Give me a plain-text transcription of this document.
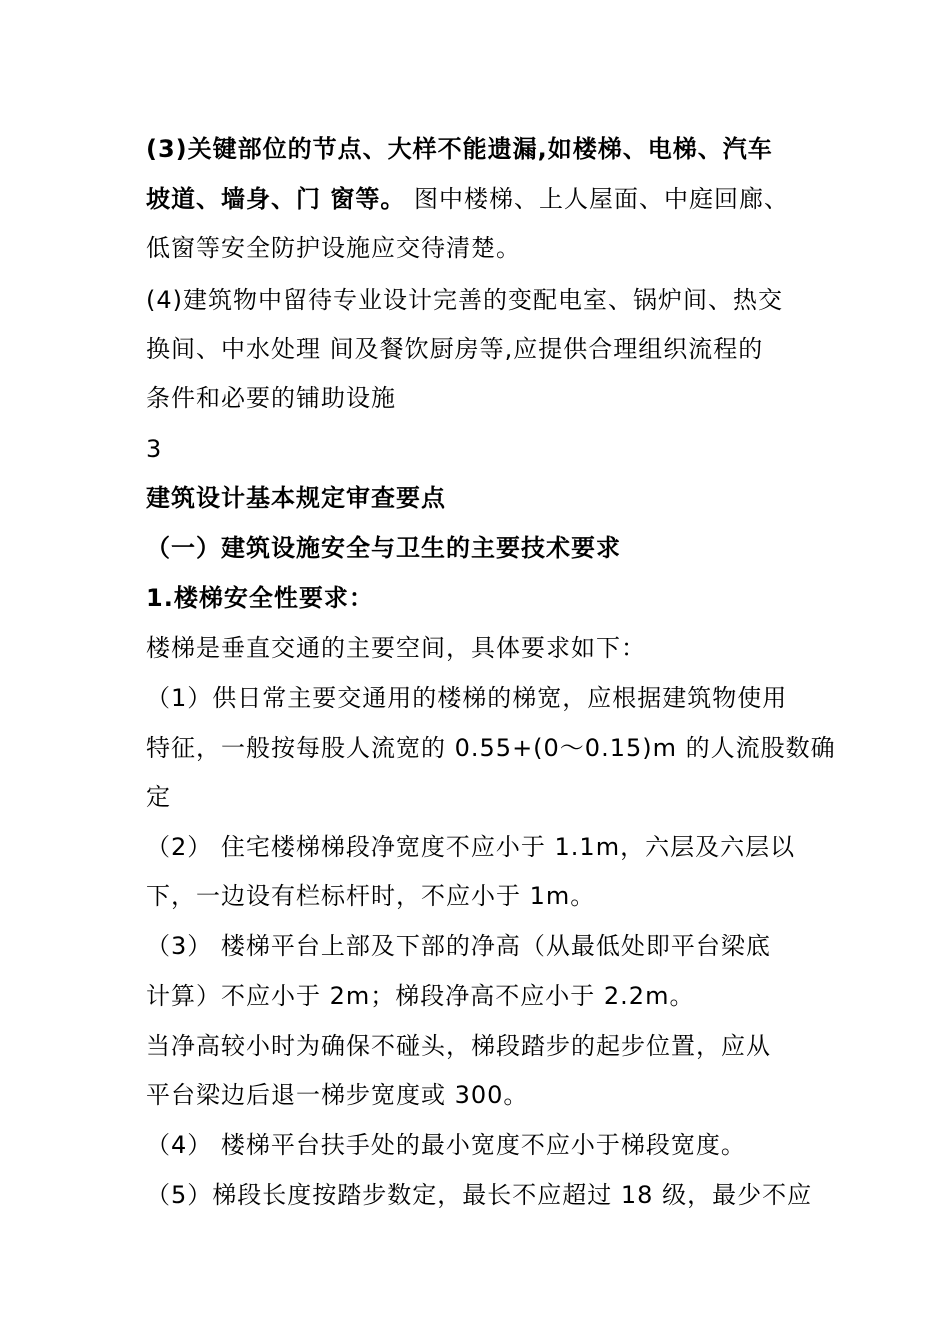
(3)关键部位的节点、大样不能遗漏,如楼梯、电梯、汽车
坡道、墙身、门 窗等。 图中楼梯、上人屋面、中庭回廊、
低窗等安全防护设施应交待清楚。
(4)建筑物中留待专业设计完善的变配电室、锅炉间、热交
换间、中水处理 间及餐饮厨房等,应提供合理组织流程的
条件和必要的铺助设施
3
建筑设计基本规定审查要点
（一）建筑设施安全与卫生的主要技术要求
1.楼梯安全性要求：
楼梯是垂直交通的主要空间，具体要求如下：
（1）供日常主要交通用的楼梯的梯宽，应根据建筑物使用
特征，一般按每股人流宽的 0.55+(0～0.15)m 的人流股数确
定
（2） 住宅楼梯梯段净宽度不应小于 1.1m，六层及六层以
下，一边设有栏标杆时，不应小于 1m。
（3） 楼梯平台上部及下部的净高（从最低处即平台梁底
计算）不应小于 2m；梯段净高不应小于 2.2m。
当净高较小时为确保不碰头，梯段踏步的起步位置，应从
平台梁边后退一梯步宽度或 300。
（4） 楼梯平台扶手处的最小宽度不应小于梯段宽度。
（5）梯段长度按踏步数定，最长不应超过 18 级，最少不应
